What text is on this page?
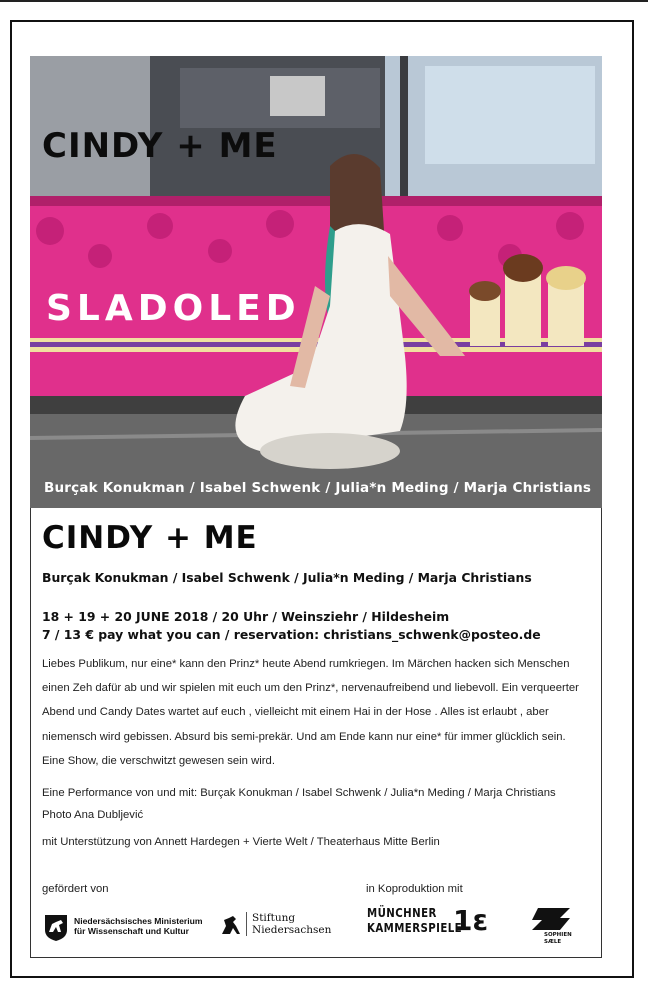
CINDY + ME
SLADOLED
Burçak Konukman / Isabel Schwenk / Julia*n Meding / Marja Christians
CINDY + ME
Burçak Konukman / Isabel Schwenk / Julia*n Meding / Marja Christians
18 + 19 + 20 JUNE 2018 / 20 Uhr / Weinsziehr / Hildesheim
7 / 13 € pay what you can / reservation: christians_schwenk@posteo.de
Liebes Publikum, nur eine* kann den Prinz* heute Abend rumkriegen. Im Märchen hacken sich Menschen
einen Zeh dafür ab und wir spielen mit euch um den Prinz*, nervenaufreibend und liebevoll. Ein verqueerter
Abend und Candy Dates wartet auf euch , vielleicht mit einem Hai in der Hose . Alles ist erlaubt , aber
niemensch wird gebissen. Absurd bis semi-prekär. Und am Ende kann nur eine* für immer glücklich sein.
Eine Show, die verschwitzt gewesen sein wird.
Eine Performance von und mit: Burçak Konukman / Isabel Schwenk / Julia*n Meding / Marja Christians
Photo Ana Dubljević
mit Unterstützung von Annett Hardegen + Vierte Welt / Theaterhaus Mitte Berlin
gefördert von	in Koproduktion mit
Niedersächsisches Ministerium
für Wissenschaft und Kultur
Stiftung
Niedersachsen
MÜNCHNER
KAMMERSPIELE
1ε	SOPHIEN
SÆLE
